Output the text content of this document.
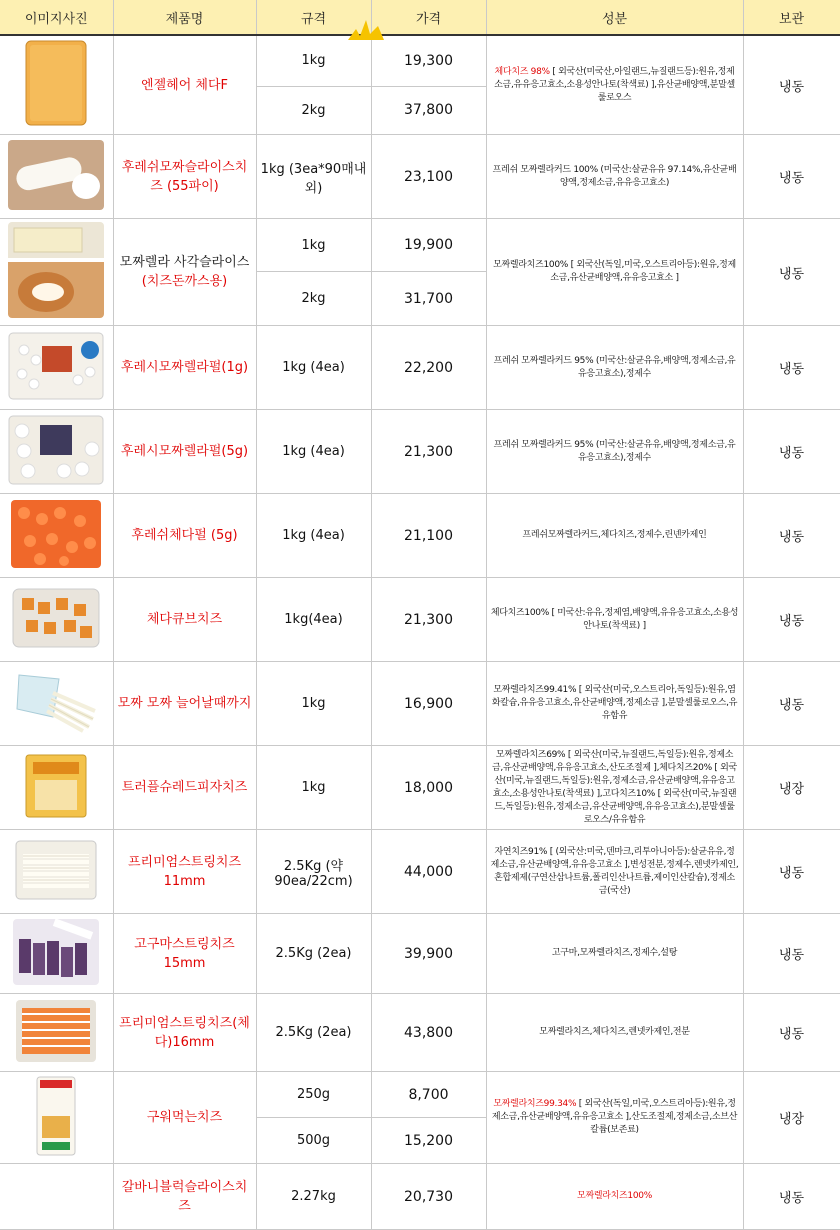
이미지사진	제품명	규격	가격	성분	보관
	엔젤헤어 체다F	1kg	19,300	체다치즈 98% [ 외국산(미국산,아일랜드,뉴질랜드등):원유,정제소금,유유응고효소,소용성안나토(착색료) ],유산균배양액,분말셀룰로오스	냉동
		2kg	37,800		
	후레쉬모짜슬라이스치즈 (55파이)	1kg (3ea*90매내외)	23,100	프레쉬 모짜렐라커드 100% (미국산:살균유유 97.14%,유산균배양액,정제소금,유유응고효소)	냉동
	모짜렐라 사각슬라이스
(치즈돈까스용)	1kg	19,900	모짜렐라치즈100% [ 외국산(독일,미국,오스트리아등):원유,정제소금,유산균배양액,유유응고효소 ]	냉동
		2kg	31,700		
	후레시모짜렐라펄(1g)	1kg (4ea)	22,200	프레쉬 모짜렐라커드 95% (미국산:살균유유,배양액,정제소금,유유응고효소),정제수	냉동
	후레시모짜렐라펄(5g)	1kg (4ea)	21,300	프레쉬 모짜렐라커드 95% (미국산:살균유유,배양액,정제소금,유유응고효소),정제수	냉동
	후레쉬체다펄 (5g)	1kg (4ea)	21,100	프레쉬모짜렐라커드,체다치즈,정제수,린넨카제인	냉동
	체다큐브치즈	1kg(4ea)	21,300	체다치즈100% [ 미국산:유유,정제염,배양액,유유응고효소,소용성안나토(착색료) ]	냉동
	모짜 모짜 늘어날때까지	1kg	16,900	모짜렐라치즈99.41% [ 외국산(미국,오스트리아,독일등):원유,염화칼슘,유유응고효소,유산균배양액,정제소금 ],분말셀룰로오스,유유함유	냉동
	트러플슈레드피자치즈	1kg	18,000	모짜렐라치즈69% [ 외국산(미국,뉴질랜드,독일등):원유,정제소금,유산균배양액,유유응고효소,산도조절제 ],체다치즈20% [ 외국산(미국,뉴질랜드,독일등):원유,정제소금,유산균배양액,유유응고효소,소용성안나토(착색료) ],고다치즈10% [ 외국산(미국,뉴질랜드,독일등):원유,정제소금,유산균배양액,유유응고효소),분말셀룰로오스/유유함유	냉장
	프리미엄스트링치즈 11mm	2.5Kg (약90ea/22cm)	44,000	자연치즈91% [ (외국산:미국,덴마크,리투아니아등):살균유유,정제소금,유산균배양액,유유응고효소 ],변성전분,정제수,렌넷카제인,혼합제제(구연산삼나트륨,폴리인산나트륨,제이인산칼슘),정제소금(국산)	냉동
	고구마스트링치즈 15mm	2.5Kg (2ea)	39,900	고구마,모짜렐라치즈,정제수,설탕	냉동
	프리미엄스트링치즈(체다)16mm	2.5Kg (2ea)	43,800	모짜렐라치즈,체다치즈,렌넷카제인,전분	냉동
	구워먹는치즈	250g	8,700	모짜렐라치즈99.34% [ 외국산(독일,미국,오스트리아등):원유,정제소금,유산균배양액,유유응고효소 ],산도조절제,정제소금,소브산칼륨(보존료)	냉장
		500g	15,200		
	갈바니블럭슬라이스치즈	2.27kg	20,730	모짜렐라치즈100%	냉동
